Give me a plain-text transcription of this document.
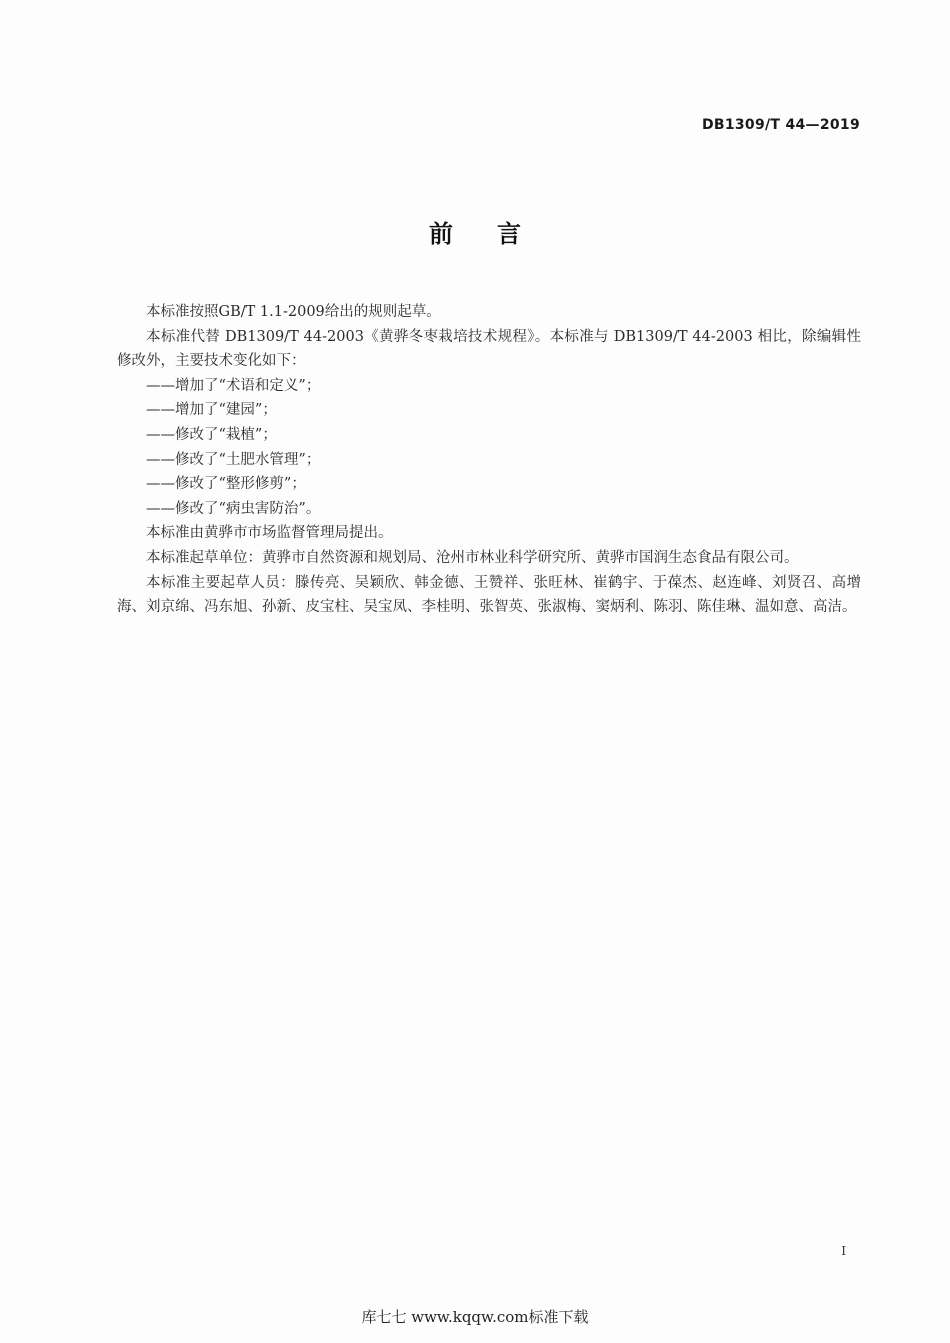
DB1309/T 44—2019
前言

本标准按照GB/T 1.1-2009给出的规则起草。

本标准代替 DB1309/T 44-2003《黄骅冬枣栽培技术规程》。本标准与 DB1309/T 44-2003 相比，除编辑性修改外，主要技术变化如下：

——增加了“术语和定义”；

——增加了“建园”；

——修改了“栽植”；

——修改了“土肥水管理”；

——修改了“整形修剪”；

——修改了“病虫害防治”。

本标准由黄骅市市场监督管理局提出。

本标准起草单位：黄骅市自然资源和规划局、沧州市林业科学研究所、黄骅市国润生态食品有限公司。

本标准主要起草人员：滕传亮、吴颖欣、韩金德、王赞祥、张旺林、崔鹤宇、于葆杰、赵连峰、刘贤召、高增海、刘京绵、冯东旭、孙新、皮宝柱、吴宝凤、李桂明、张智英、张淑梅、窦炳利、陈羽、陈佳琳、温如意、高洁。

I
库七七 www.kqqw.com标准下载
